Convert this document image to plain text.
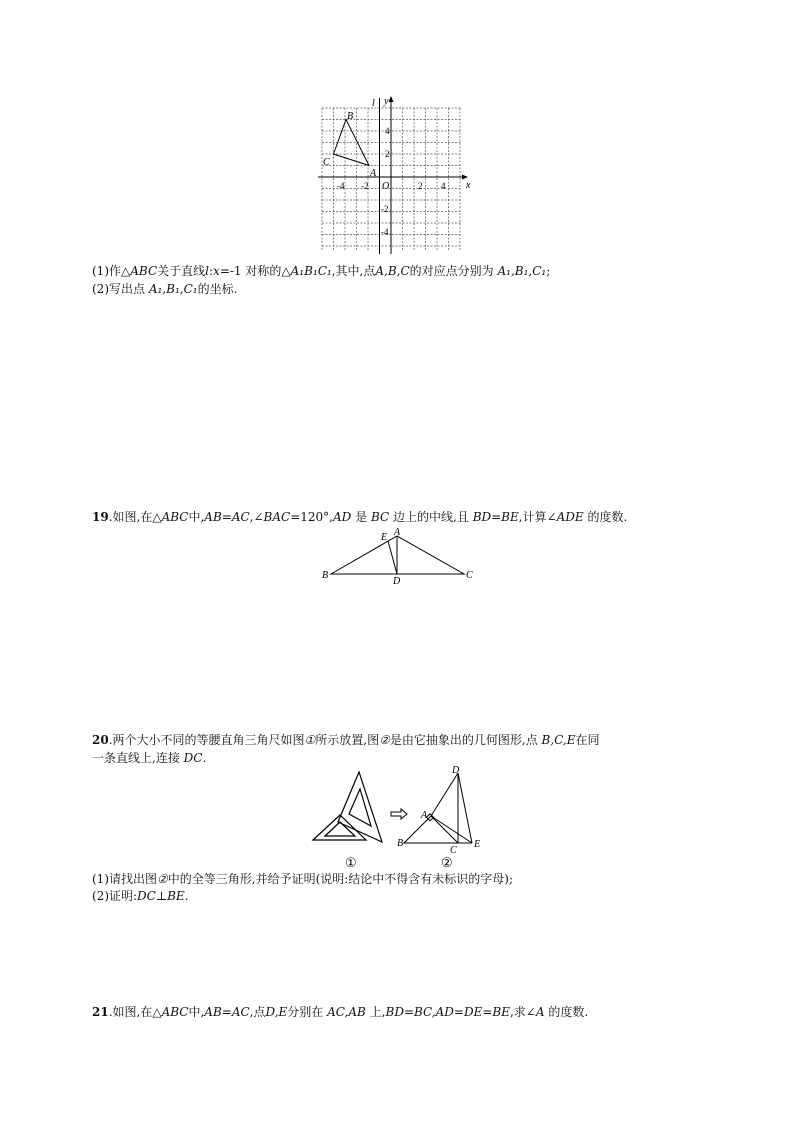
l y
x
O
-4 -2	2 4
4
2
-2
-4
B
C
A
(1)作△ABC关于直线l:x=-1 对称的△A₁B₁C₁,其中,点A,B,C的对应点分别为 A₁,B₁,C₁;
(2)写出点 A₁,B₁,C₁的坐标.
19.如图,在△ABC中,AB=AC,∠BAC=120°,AD 是 BC 边上的中线,且 BD=BE,计算∠ADE 的度数.
A
E
B
D
C
20.两个大小不同的等腰直角三角尺如图①所示放置,图②是由它抽象出的几何图形,点 B,C,E在同
一条直线上,连接 DC.
D
A
B
C
E
①	②
(1)请找出图②中的全等三角形,并给予证明(说明:结论中不得含有未标识的字母);
(2)证明:DC⊥BE.
21.如图,在△ABC中,AB=AC,点D,E分别在 AC,AB 上,BD=BC,AD=DE=BE,求∠A 的度数.
